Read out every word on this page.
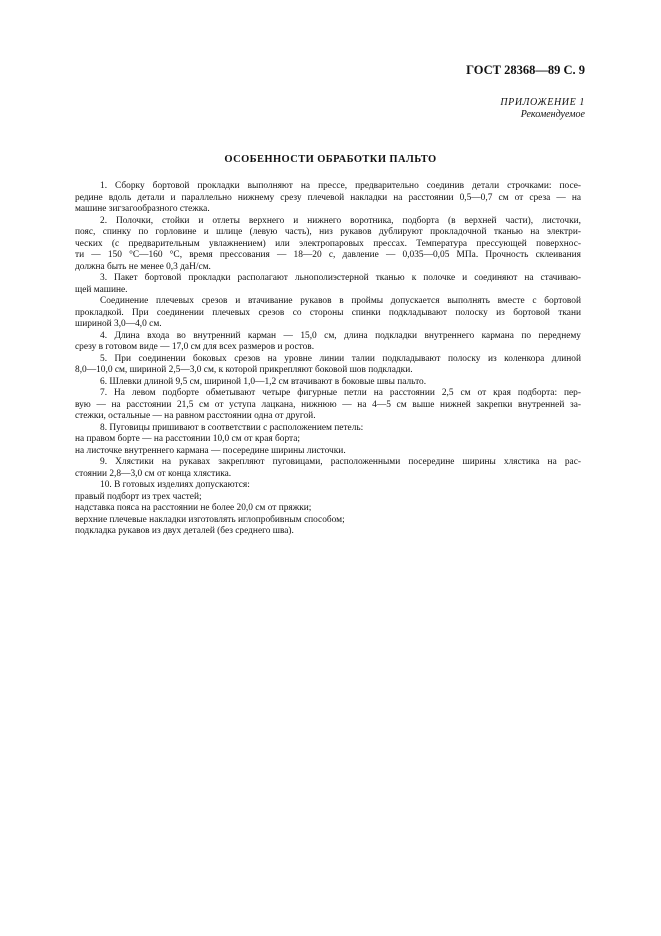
ГОСТ 28368—89 С. 9
ПРИЛОЖЕНИЕ 1
Рекомендуемое
ОСОБЕННОСТИ ОБРАБОТКИ ПАЛЬТО

1. Сборку бортовой прокладки выполняют на прессе, предварительно соединив детали строчками: посе-

редине вдоль детали и параллельно нижнему срезу плечевой накладки на расстоянии 0,5—0,7 см от среза — на

машине зигзагообразного стежка.

2. Полочки, стойки и отлеты верхнего и нижнего воротника, подборта (в верхней части), листочки,

пояс, спинку по горловине и шлице (левую часть), низ рукавов дублируют прокладочной тканью на электри-

ческих (с предварительным увлажнением) или электропаровых прессах. Температура прессующей поверхнос-

ти — 150 °С—160 °С, время прессования — 18—20 с, давление — 0,035—0,05 МПа. Прочность склеивания

должна быть не менее 0,3 даН/см.

3. Пакет бортовой прокладки располагают льнополиэстерной тканью к полочке и соединяют на стачиваю-

щей машине.

Соединение плечевых срезов и втачивание рукавов в проймы допускается выполнять вместе с бортовой

прокладкой. При соединении плечевых срезов со стороны спинки подкладывают полоску из бортовой ткани

шириной 3,0—4,0 см.

4. Длина входа во внутренний карман — 15,0 см, длина подкладки внутреннего кармана по переднему

срезу в готовом виде — 17,0 см для всех размеров и ростов.

5. При соединении боковых срезов на уровне линии талии подкладывают полоску из коленкора длиной

8,0—10,0 см, шириной 2,5—3,0 см, к которой прикрепляют боковой шов подкладки.

6. Шлевки длиной 9,5 см, шириной 1,0—1,2 см втачивают в боковые швы пальто.

7. На левом подборте обметывают четыре фигурные петли на расстоянии 2,5 см от края подборта: пер-

вую — на расстоянии 21,5 см от уступа лацкана, нижнюю — на 4—5 см выше нижней закрепки внутренней за-

стежки, остальные — на равном расстоянии одна от другой.

8. Пуговицы пришивают в соответствии с расположением петель:

на правом борте — на расстоянии 10,0 см от края борта;

на листочке внутреннего кармана — посередине ширины листочки.

9. Хлястики на рукавах закрепляют пуговицами, расположенными посередине ширины хлястика на рас-

стоянии 2,8—3,0 см от конца хлястика.

10. В готовых изделиях допускаются:

правый подборт из трех частей;

надставка пояса на расстоянии не более 20,0 см от пряжки;

верхние плечевые накладки изготовлять иглопробивным способом;

подкладка рукавов из двух деталей (без среднего шва).
